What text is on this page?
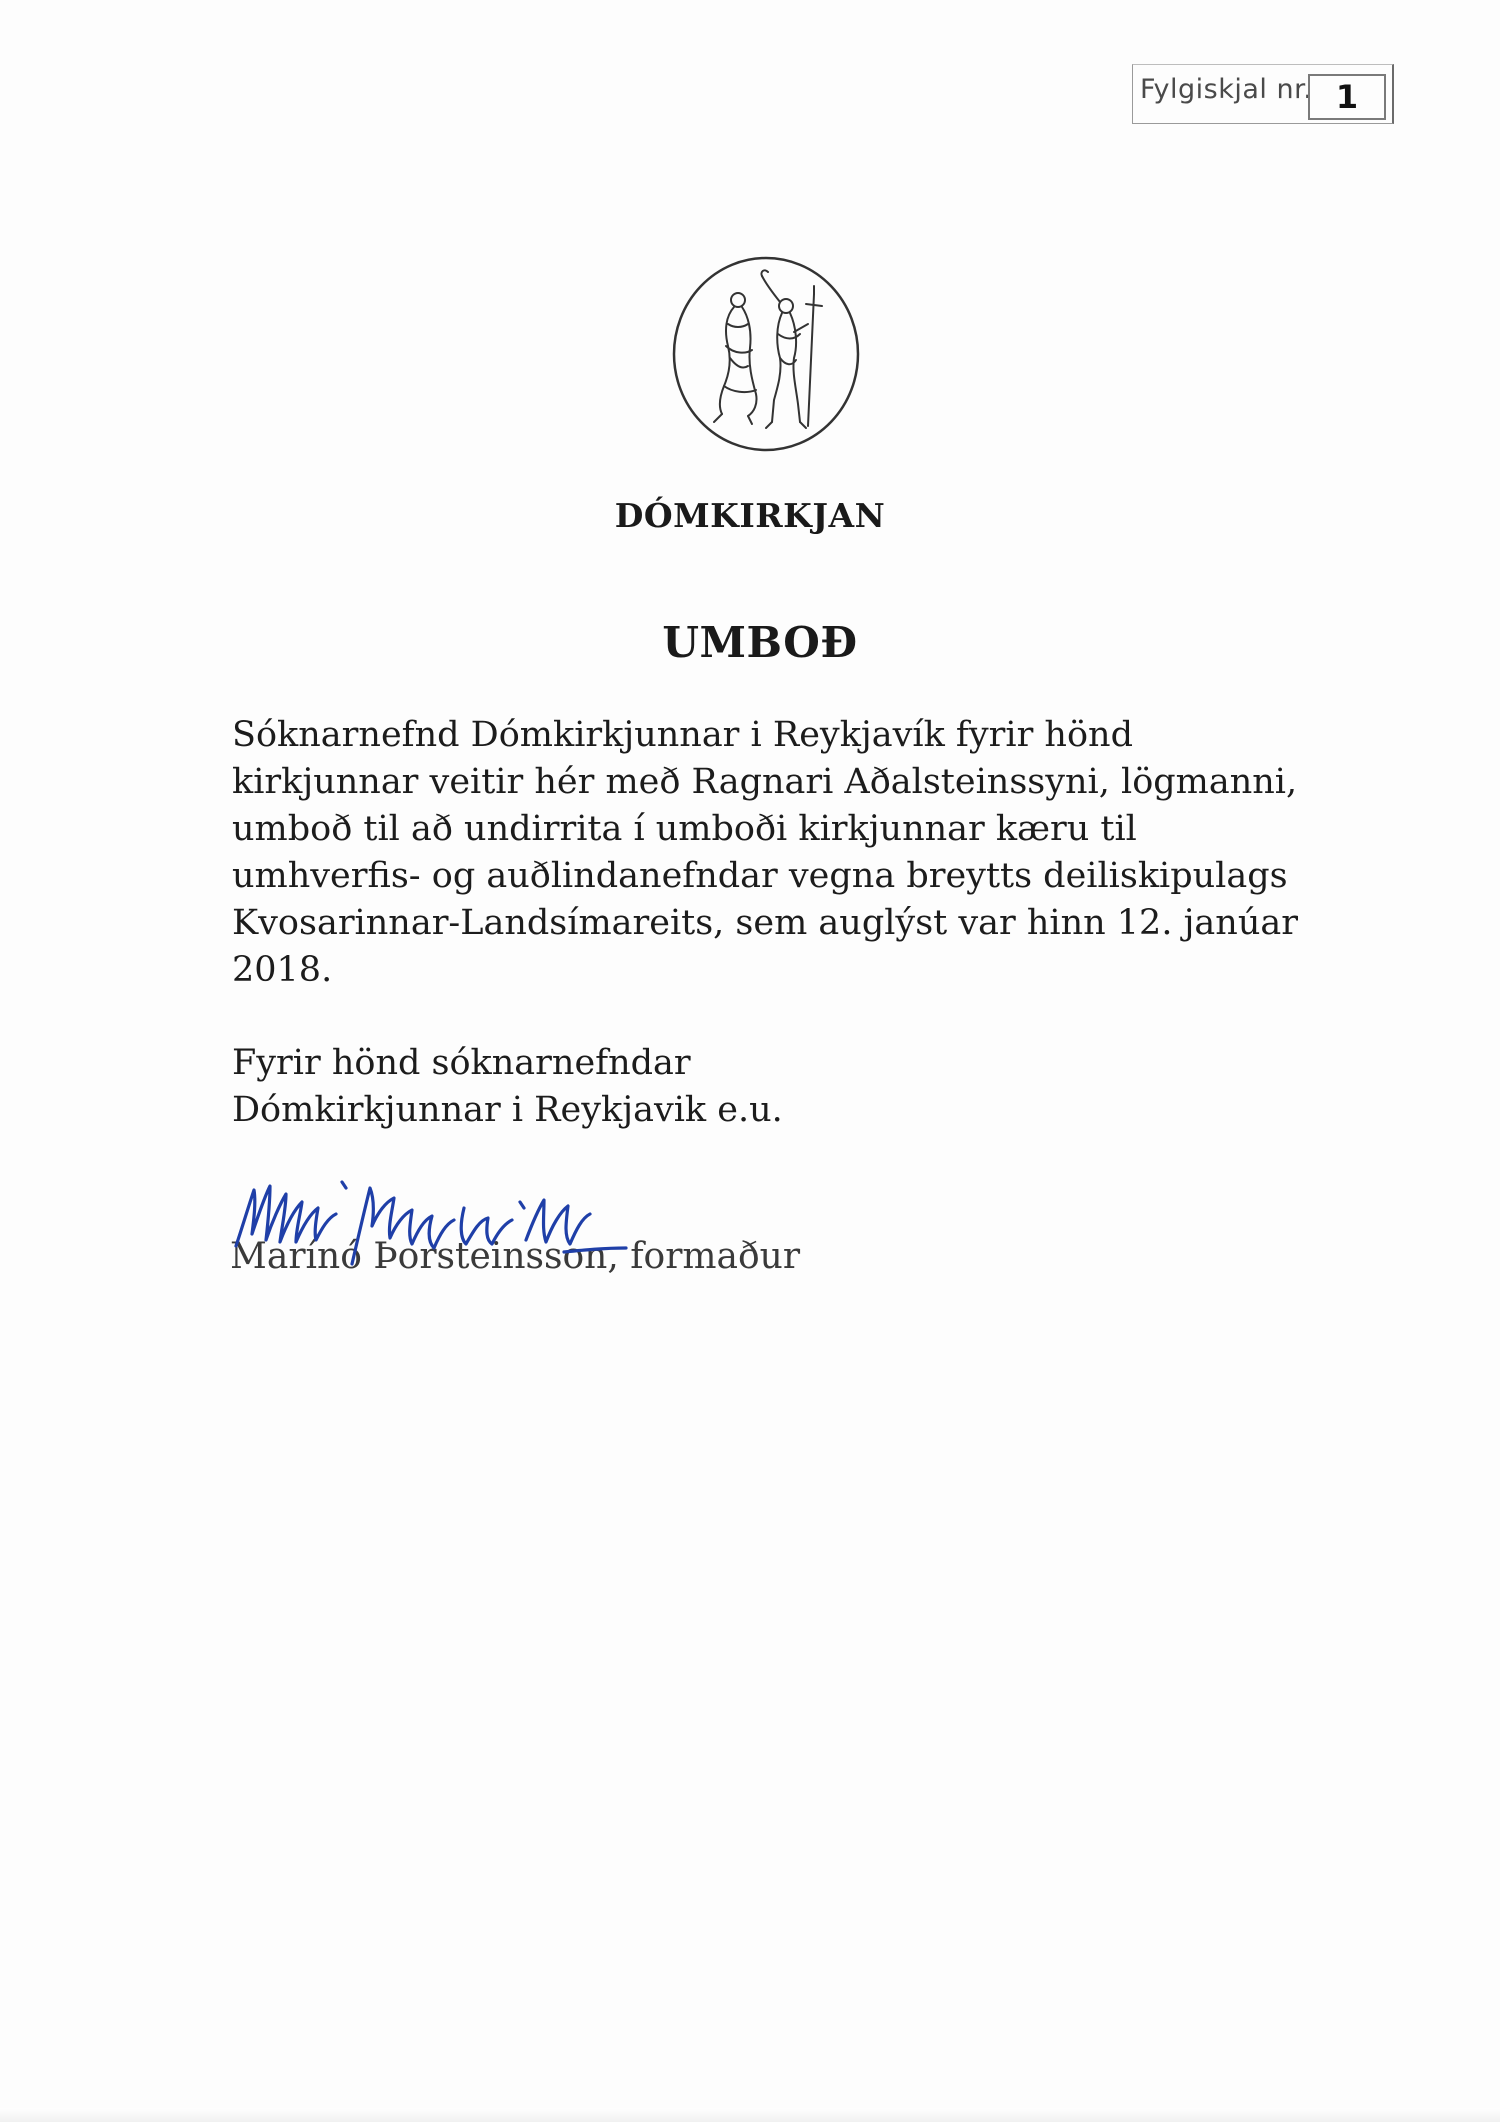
Fylgiskjal nr. 1
DÓMKIRKJAN
UMBOÐ
Sóknarnefnd Dómkirkjunnar i Reykjavík fyrir hönd
kirkjunnar veitir hér með Ragnari Aðalsteinssyni, lögmanni,
umboð til að undirrita í umboði kirkjunnar kæru til
umhverfis- og auðlindanefndar vegna breytts deiliskipulags
Kvosarinnar-Landsímareits, sem auglýst var hinn 12. janúar
2018.
Fyrir hönd sóknarnefndar
Dómkirkjunnar i Reykjavik e.u.
Marínó Þorsteinsson, formaður
